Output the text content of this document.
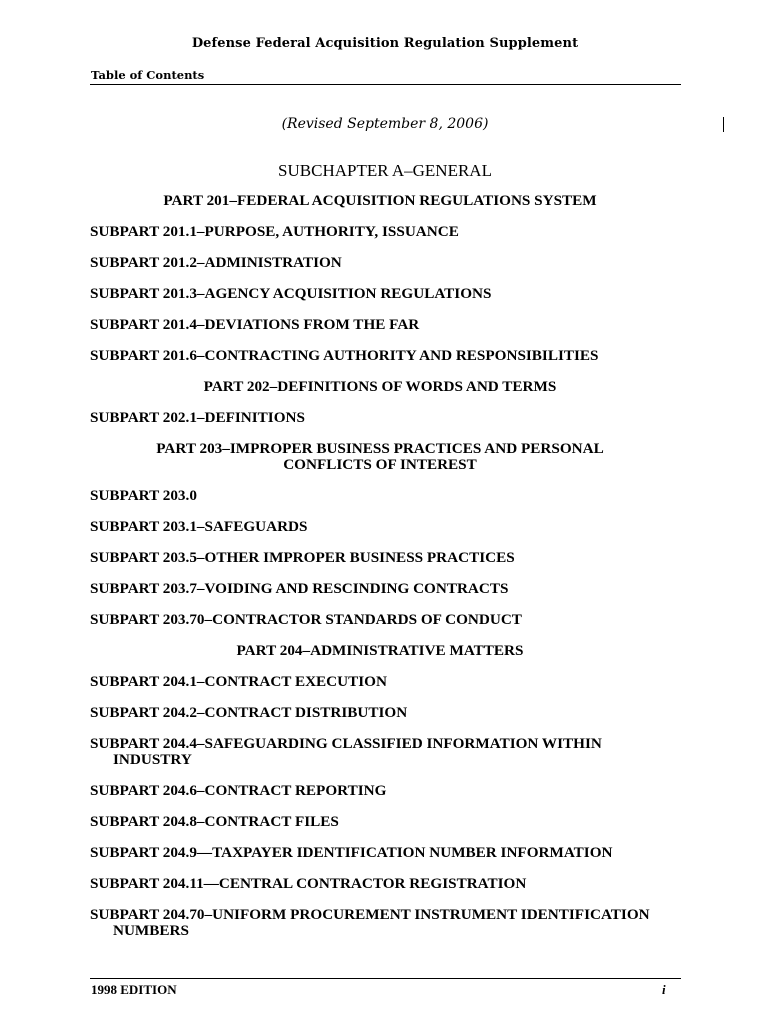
Defense Federal Acquisition Regulation Supplement
Table of Contents
(Revised September 8, 2006)
SUBCHAPTER A–GENERAL
PART 201–FEDERAL ACQUISITION REGULATIONS SYSTEM
SUBPART 201.1–PURPOSE, AUTHORITY, ISSUANCE
SUBPART 201.2–ADMINISTRATION
SUBPART 201.3–AGENCY ACQUISITION REGULATIONS
SUBPART 201.4–DEVIATIONS FROM THE FAR
SUBPART 201.6–CONTRACTING AUTHORITY AND RESPONSIBILITIES
PART 202–DEFINITIONS OF WORDS AND TERMS
SUBPART 202.1–DEFINITIONS
PART 203–IMPROPER BUSINESS PRACTICES AND PERSONAL CONFLICTS OF INTEREST
SUBPART 203.0
SUBPART 203.1–SAFEGUARDS
SUBPART 203.5–OTHER IMPROPER BUSINESS PRACTICES
SUBPART 203.7–VOIDING AND RESCINDING CONTRACTS
SUBPART 203.70–CONTRACTOR STANDARDS OF CONDUCT
PART 204–ADMINISTRATIVE MATTERS
SUBPART 204.1–CONTRACT EXECUTION
SUBPART 204.2–CONTRACT DISTRIBUTION
SUBPART 204.4–SAFEGUARDING CLASSIFIED INFORMATION WITHIN INDUSTRY
SUBPART 204.6–CONTRACT REPORTING
SUBPART 204.8–CONTRACT FILES
SUBPART 204.9—TAXPAYER IDENTIFICATION NUMBER INFORMATION
SUBPART 204.11—CENTRAL CONTRACTOR REGISTRATION
SUBPART 204.70–UNIFORM PROCUREMENT INSTRUMENT IDENTIFICATION NUMBERS
1998 EDITION	i
